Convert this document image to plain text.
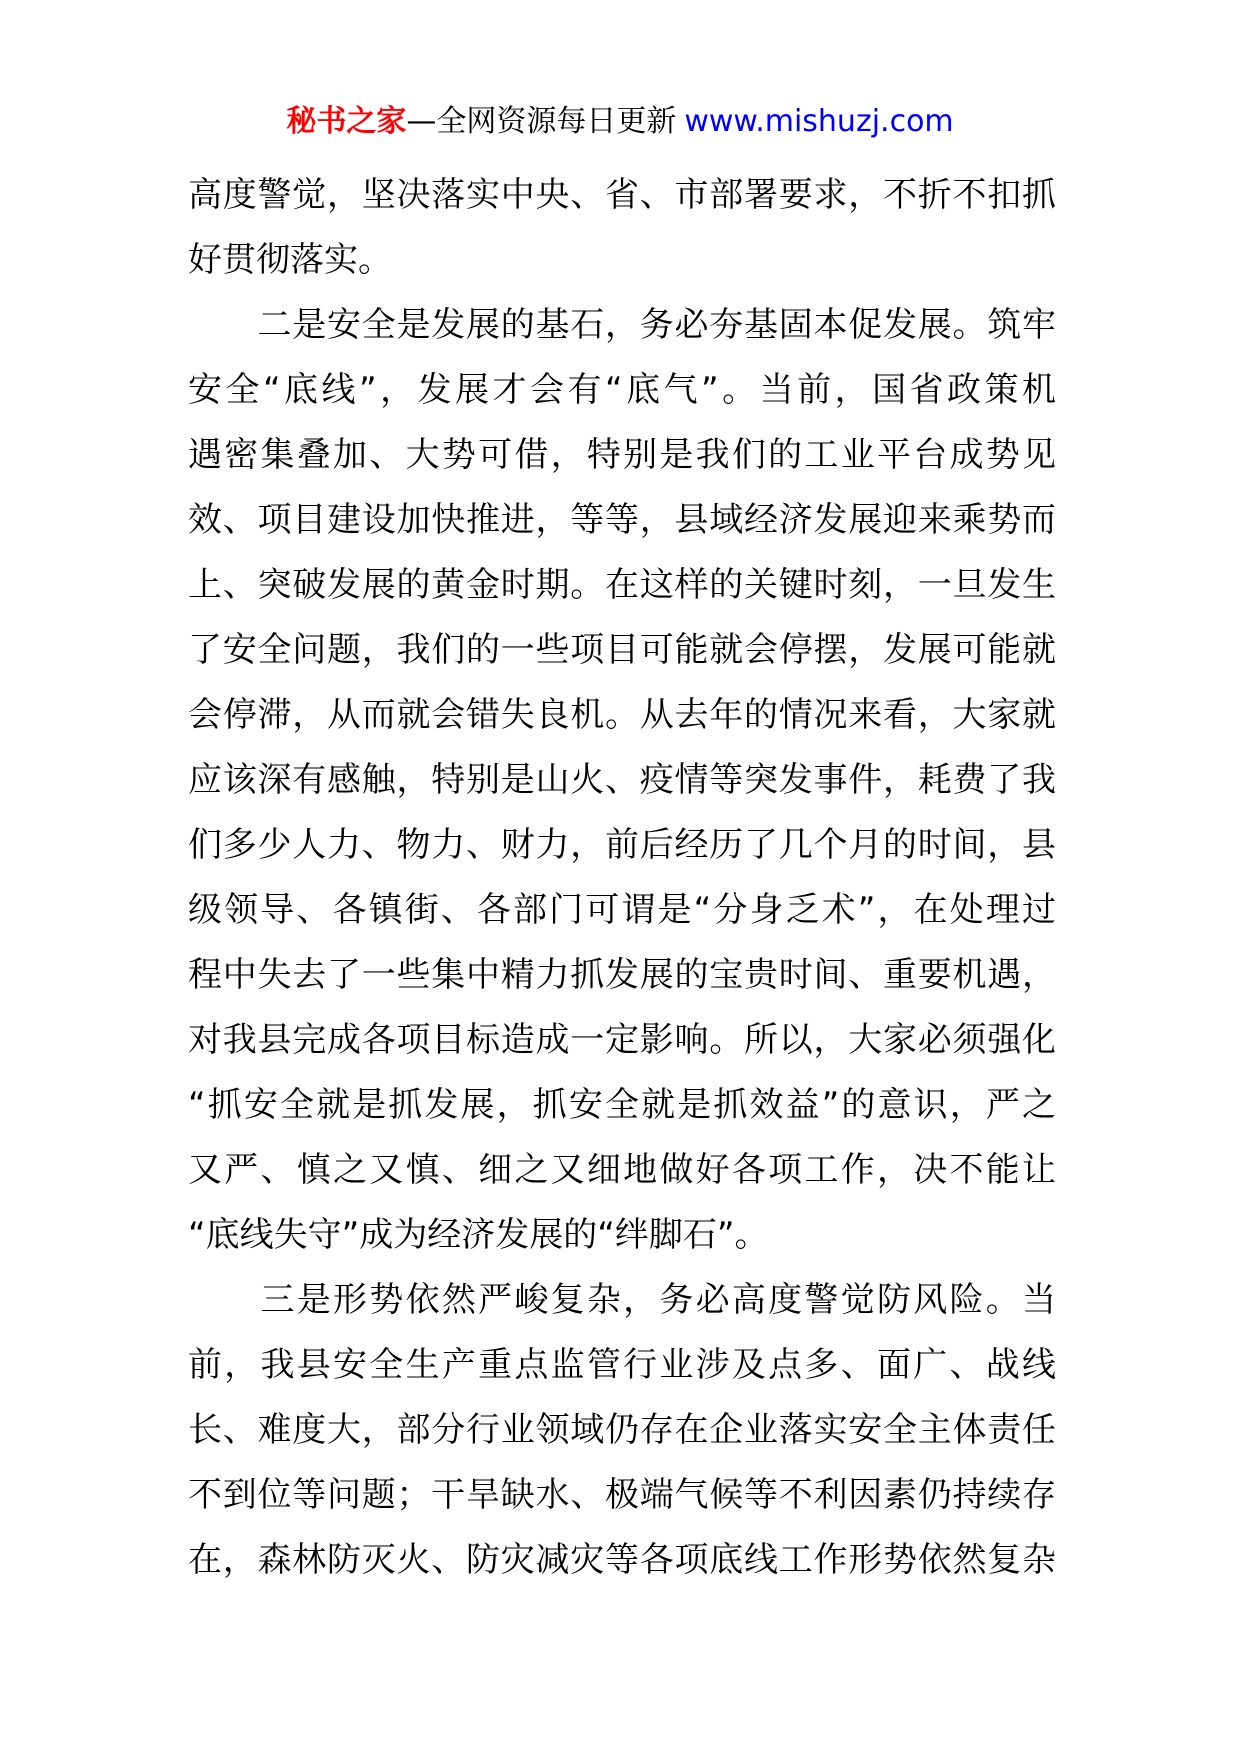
秘书之家—全网资源每日更新 www.mishuzj.com
高度警觉，坚决落实中央、省、市部署要求，不折不扣抓
好贯彻落实。
　　二是安全是发展的基石，务必夯基固本促发展。筑牢
安全“底线”，发展才会有“底气”。当前，国省政策机
遇密集叠加、大势可借，特别是我们的工业平台成势见
效、项目建设加快推进，等等，县域经济发展迎来乘势而
上、突破发展的黄金时期。在这样的关键时刻，一旦发生
了安全问题，我们的一些项目可能就会停摆，发展可能就
会停滞，从而就会错失良机。从去年的情况来看，大家就
应该深有感触，特别是山火、疫情等突发事件，耗费了我
们多少人力、物力、财力，前后经历了几个月的时间，县
级领导、各镇街、各部门可谓是“分身乏术”，在处理过
程中失去了一些集中精力抓发展的宝贵时间、重要机遇，
对我县完成各项目标造成一定影响。所以，大家必须强化
“抓安全就是抓发展，抓安全就是抓效益”的意识，严之
又严、慎之又慎、细之又细地做好各项工作，决不能让
“底线失守”成为经济发展的“绊脚石”。
　　三是形势依然严峻复杂，务必高度警觉防风险。当
前，我县安全生产重点监管行业涉及点多、面广、战线
长、难度大，部分行业领域仍存在企业落实安全主体责任
不到位等问题；干旱缺水、极端气候等不利因素仍持续存
在，森林防灭火、防灾减灾等各项底线工作形势依然复杂
